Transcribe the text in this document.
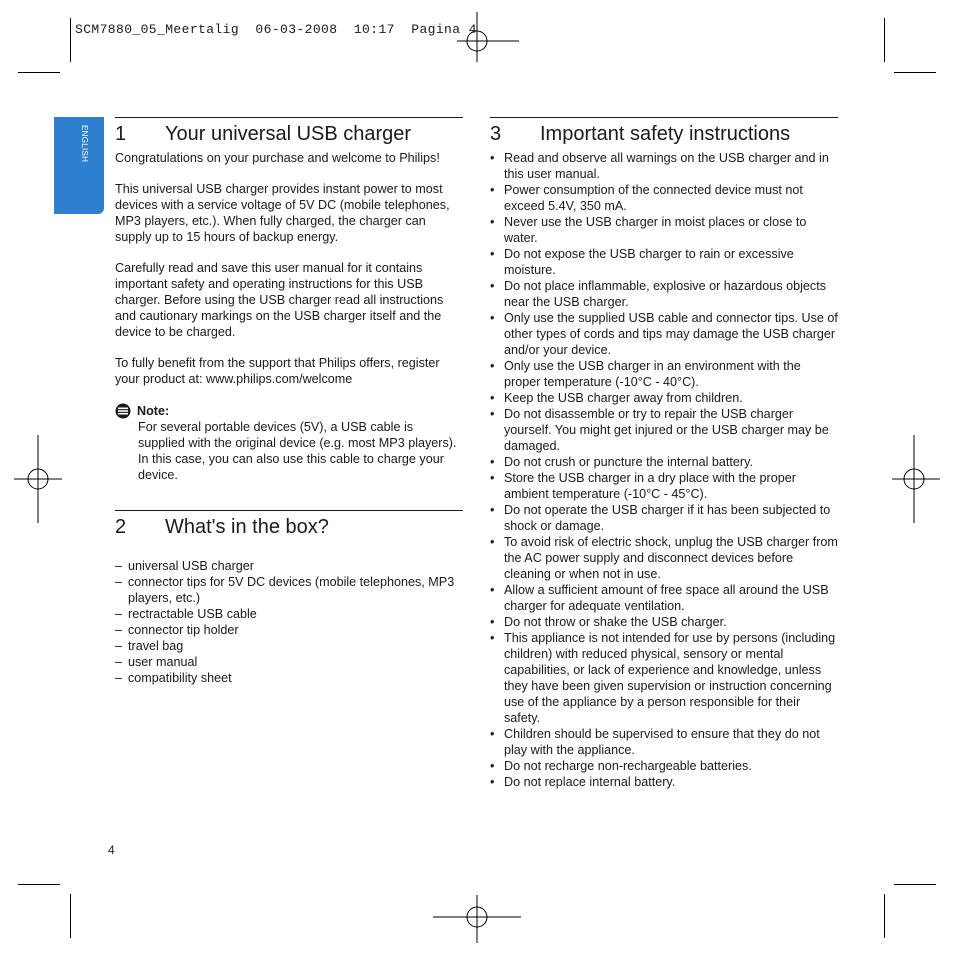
SCM7880_05_Meertalig  06-03-2008  10:17  Pagina 4
ENGLISH 1	Your universal USB charger

Congratulations on your purchase and welcome to Philips!

This universal USB charger provides instant power to most devices with a service voltage of 5V DC (mobile telephones, MP3 players, etc.). When fully charged, the charger can supply up to 15 hours of backup energy.

Carefully read and save this user manual for it contains important safety and operating instructions for this USB charger. Before using the USB charger read all instructions and cautionary markings on the USB charger itself and the device to be charged.

To fully benefit from the support that Philips offers, register your product at: www.philips.com/welcome

Note:

For several portable devices (5V), a USB cable is supplied with the original device (e.g. most MP3 players). In this case, you can also use this cable to charge your device.

2	What's in the box?
– universal USB charger
– connector tips for 5V DC devices (mobile telephones, MP3 players, etc.)
– rectractable USB cable
– connector tip holder
– travel bag
– user manual
– compatibility sheet
3	Important safety instructions
• Read and observe all warnings on the USB charger and in this user manual.
• Power consumption of the connected device must not exceed 5.4V, 350 mA.
• Never use the USB charger in moist places or close to water.
• Do not expose the USB charger to rain or excessive moisture.
• Do not place inflammable, explosive or hazardous objects near the USB charger.
• Only use the supplied USB cable and connector tips. Use of other types of cords and tips may damage the USB charger and/or your device.
• Only use the USB charger in an environment with the proper temperature (-10°C - 40°C).
• Keep the USB charger away from children.
• Do not disassemble or try to repair the USB charger yourself. You might get injured or the USB charger may be damaged.
• Do not crush or puncture the internal battery.
• Store the USB charger in a dry place with the proper ambient temperature (-10°C - 45°C).
• Do not operate the USB charger if it has been subjected to shock or damage.
• To avoid risk of electric shock, unplug the USB charger from the AC power supply and disconnect devices before cleaning or when not in use.
• Allow a sufficient amount of free space all around the USB charger for adequate ventilation.
• Do not throw or shake the USB charger.
• This appliance is not intended for use by persons (including children) with reduced physical, sensory or mental capabilities, or lack of experience and knowledge, unless they have been given supervision or instruction concerning use of the appliance by a person responsible for their safety.
• Children should be supervised to ensure that they do not play with the appliance.
• Do not recharge non-rechargeable batteries.
• Do not replace internal battery.
4
